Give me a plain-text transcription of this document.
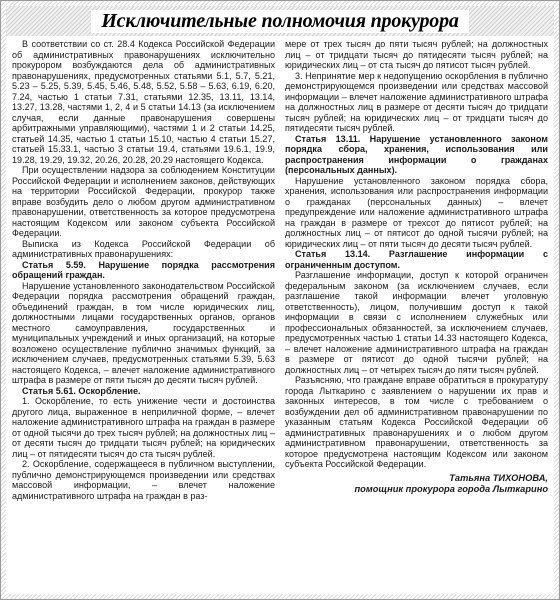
Исключительные полномочия прокурора

В соответствии со ст. 28.4 Кодекса Российской Федерации об административных правонарушениях исключительно прокурором возбуждаются дела об административных правонарушениях, предусмотренных статьями 5.1, 5.7, 5.21, 5.23 – 5.25, 5.39, 5.45, 5.46, 5.48, 5.52, 5.58 – 5.63, 6.19, 6.20, 7.24, частью 1 статьи 7.31, статьями 12.35, 13.11, 13.14, 13.27, 13.28, частями 1, 2, 4 и 5 статьи 14.13 (за исключением случая, если данные правонарушения совершены арбитражными управляющими), частями 1 и 2 статьи 14.25, статьей 14.35, частью 1 статьи 15.10, частью 4 статьи 15.27, статьей 15.33.1, частью 3 статьи 19.4, статьями 19.6.1, 19.9, 19.28, 19.29, 19.32, 20.26, 20.28, 20.29 настоящего Кодекса.

При осуществлении надзора за соблюдением Конституции Российской Федерации и исполнением законов, действующих на территории Российской Федерации, прокурор также вправе возбудить дело о любом другом административном правонарушении, ответственность за которое предусмотрена настоящим Кодексом или законом субъекта Российской Федерации.

Выписка из Кодекса Российской Федерации об административных правонарушениях:

Статья 5.59. Нарушение порядка рассмотрения обращений граждан.

Нарушение установленного законодательством Российской Федерации порядка рассмотрения обращений граждан, объединений граждан, в том числе юридических лиц, должностными лицами государственных органов, органов местного самоуправления, государственных и муниципальных учреждений и иных организаций, на которые возложено осуществление публично значимых функций, за исключением случаев, предусмотренных статьями 5.39, 5.63 настоящего Кодекса, – влечет наложение административного штрафа в размере от пяти тысяч до десяти тысяч рублей.

Статья 5.61. Оскорбление.

1. Оскорбление, то есть унижение чести и достоинства другого лица, выраженное в неприличной форме, – влечет наложение административного штрафа на граждан в размере от одной тысячи до трех тысяч рублей; на должностных лиц – от десяти тысяч до тридцати тысяч рублей; на юридических лиц – от пятидесяти тысяч до ста тысяч рублей.

2. Оскорбление, содержащееся в публичном выступлении, публично демонстрирующемся произведении или средствах массовой информации, – влечет наложение административного штрафа на граждан в раз-

мере от трех тысяч до пяти тысяч рублей; на должностных лиц – от тридцати тысяч до пятидесяти тысяч рублей; на юридических лиц – от ста тысяч до пятисот тысяч рублей.

3. Непринятие мер к недопущению оскорбления в публично демонстрирующемся произведении или средствах массовой информации – влечет наложение административного штрафа на должностных лиц в размере от десяти тысяч до тридцати тысяч рублей; на юридических лиц – от тридцати тысяч до пятидесяти тысяч рублей.

Статья 13.11. Нарушение установленного законом порядка сбора, хранения, использования или распространения информации о гражданах (персональных данных).

Нарушение установленного законом порядка сбора, хранения, использования или распространения информации о гражданах (персональных данных) – влечет предупреждение или наложение административного штрафа на граждан в размере от трехсот до пятисот рублей; на должностных лиц – от пятисот до одной тысячи рублей; на юридических лиц – от пяти тысяч до десяти тысяч рублей.

Статья 13.14. Разглашение информации с ограниченным доступом.

Разглашение информации, доступ к которой ограничен федеральным законом (за исключением случаев, если разглашение такой информации влечет уголовную ответственность), лицом, получившим доступ к такой информации в связи с исполнением служебных или профессиональных обязанностей, за исключением случаев, предусмотренных частью 1 статьи 14.33 настоящего Кодекса, – влечет наложение административного штрафа на граждан в размере от пятисот до одной тысячи рублей; на должностных лиц – от четырех тысяч до пяти тысяч рублей.

Разъясняю, что граждане вправе обратиться в прокуратуру города Лыткарино с заявлением о нарушении их прав и законных интересов, в том числе с требованием о возбуждении дел об административном правонарушении по указанным статьям Кодекса Российской Федерации об административных правонарушениях и о любом другом административном правонарушении, ответственность за которое предусмотрена настоящим Кодексом или законом субъекта Российской Федерации.

Татьяна ТИХОНОВА,
помощник прокурора города Лыткарино
